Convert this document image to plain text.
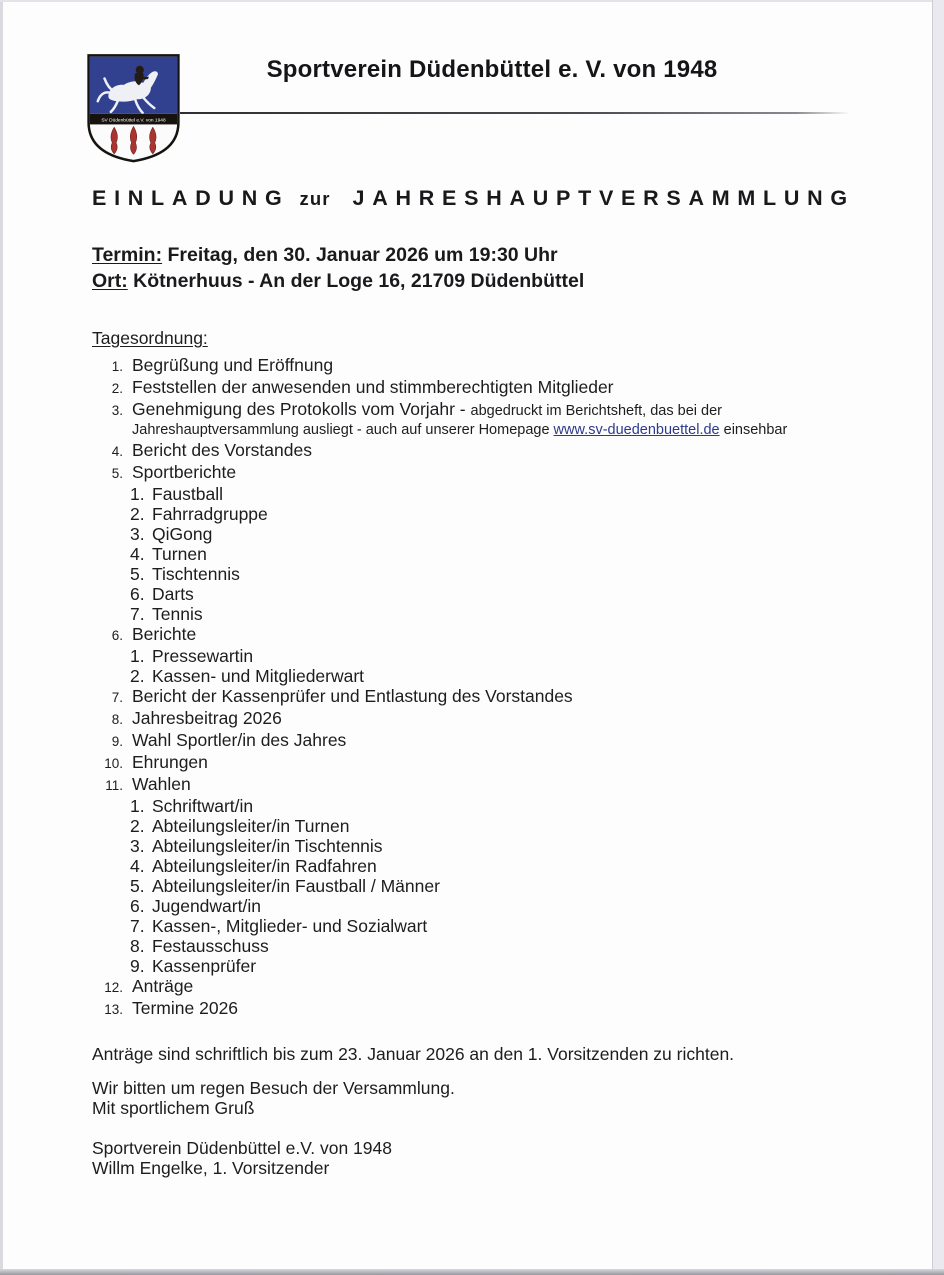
SV Düdenbüttel e.V. von 1948
Sportverein Düdenbüttel e. V. von 1948
EINLADUNG zur JAHRESHAUPTVERSAMMLUNG
Termin: Freitag, den 30. Januar 2026 um 19:30 Uhr
Ort: Kötnerhuus - An der Loge 16, 21709 Düdenbüttel
Tagesordnung:
1. Begrüßung und Eröffnung
2. Feststellen der anwesenden und stimmberechtigten Mitglieder
3. Genehmigung des Protokolls vom Vorjahr - abgedruckt im Berichtsheft, das bei der
Jahreshauptversammlung ausliegt - auch auf unserer Homepage www.sv-duedenbuettel.de einsehbar
4. Bericht des Vorstandes
5. Sportberichte
1. Faustball
2. Fahrradgruppe
3. QiGong
4. Turnen
5. Tischtennis
6. Darts
7. Tennis
6. Berichte
1. Pressewartin
2. Kassen- und Mitgliederwart
7. Bericht der Kassenprüfer und Entlastung des Vorstandes
8. Jahresbeitrag 2026
9. Wahl Sportler/in des Jahres
10. Ehrungen
11. Wahlen
1. Schriftwart/in
2. Abteilungsleiter/in Turnen
3. Abteilungsleiter/in Tischtennis
4. Abteilungsleiter/in Radfahren
5. Abteilungsleiter/in Faustball / Männer
6. Jugendwart/in
7. Kassen-, Mitglieder- und Sozialwart
8. Festausschuss
9. Kassenprüfer
12. Anträge
13. Termine 2026
Anträge sind schriftlich bis zum 23. Januar 2026 an den 1. Vorsitzenden zu richten.
Wir bitten um regen Besuch der Versammlung.
Mit sportlichem Gruß
Sportverein Düdenbüttel e.V. von 1948
Willm Engelke, 1. Vorsitzender
